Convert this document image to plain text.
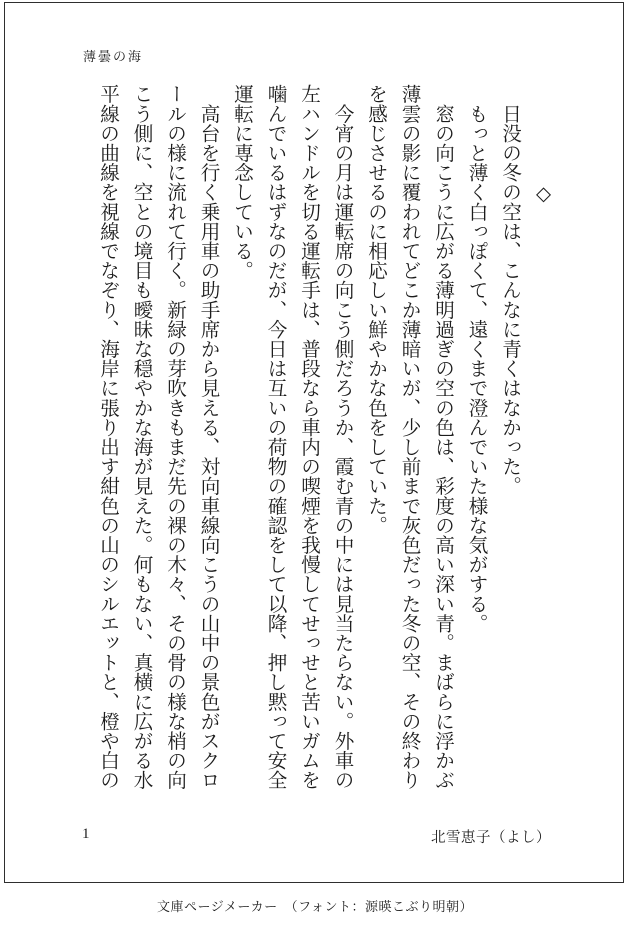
薄曇の海
　　　　　◇
　日没の冬の空は、こんなに青くはなかった。
　もっと薄く白っぽくて、遠くまで澄んでいた様な気がする。
　窓の向こうに広がる薄明過ぎの空の色は、彩度の高い深い青。まばらに浮かぶ
薄雲の影に覆われてどこか薄暗いが、少し前まで灰色だった冬の空、その終わり
を感じさせるのに相応しい鮮やかな色をしていた。
　今宵の月は運転席の向こう側だろうか、霞む青の中には見当たらない。外車の
左ハンドルを切る運転手は、普段なら車内の喫煙を我慢してせっせと苦いガムを
噛んでいるはずなのだが、今日は互いの荷物の確認をして以降、押し黙って安全
運転に専念している。
　高台を行く乗用車の助手席から見える、対向車線向こうの山中の景色がスクロ
ールの様に流れて行く。新緑の芽吹きもまだ先の裸の木々、その骨の様な梢の向
こう側に、空との境目も曖昧な穏やかな海が見えた。何もない、真横に広がる水
平線の曲線を視線でなぞり、海岸に張り出す紺色の山のシルエットと、橙や白の
1	北雪恵子（よし）
文庫ページメーカー　（フォント：源暎こぶり明朝）
